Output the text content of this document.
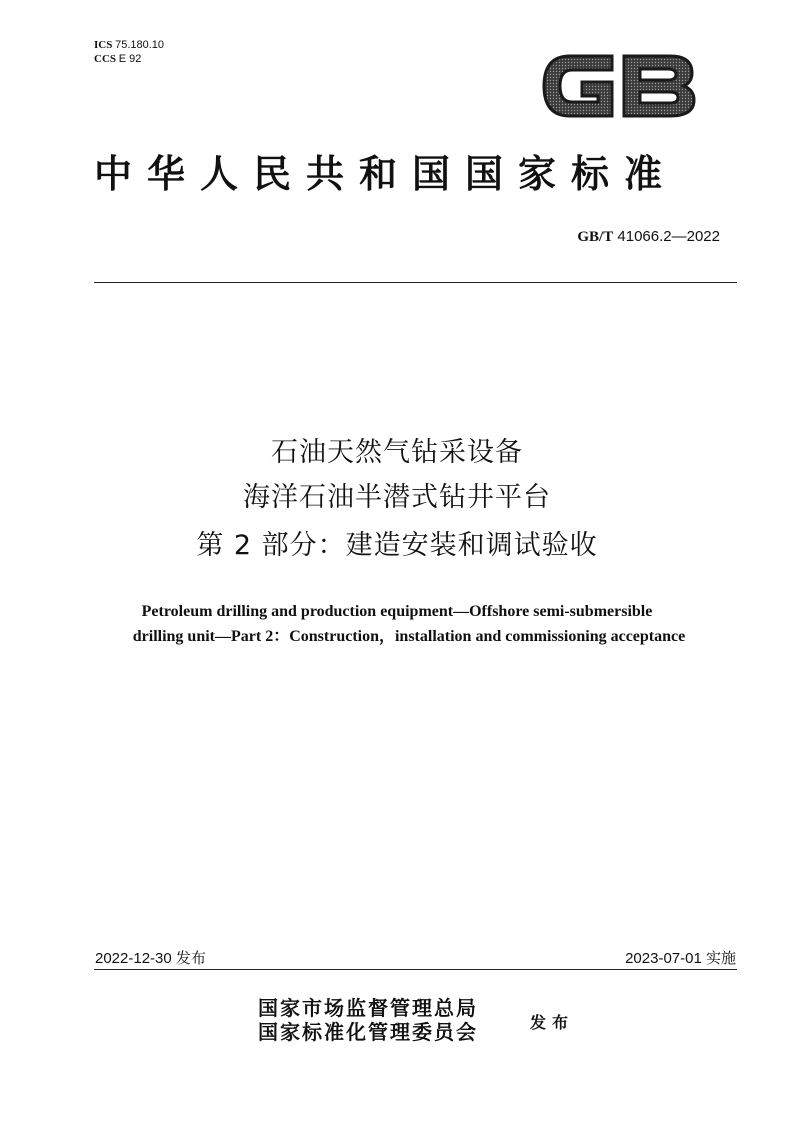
ICS 75.180.10
CCS E 92
中华人民共和国国家标准
GB/T 41066.2—2022
石油天然气钻采设备
海洋石油半潜式钻井平台
第 2 部分：建造安装和调试验收
Petroleum drilling and production equipment—Offshore semi-submersible
drilling unit—Part 2：Construction，installation and commissioning acceptance
2022-12-30 发布	2023-07-01 实施
国家市场监督管理总局
国家标准化管理委员会	发布
